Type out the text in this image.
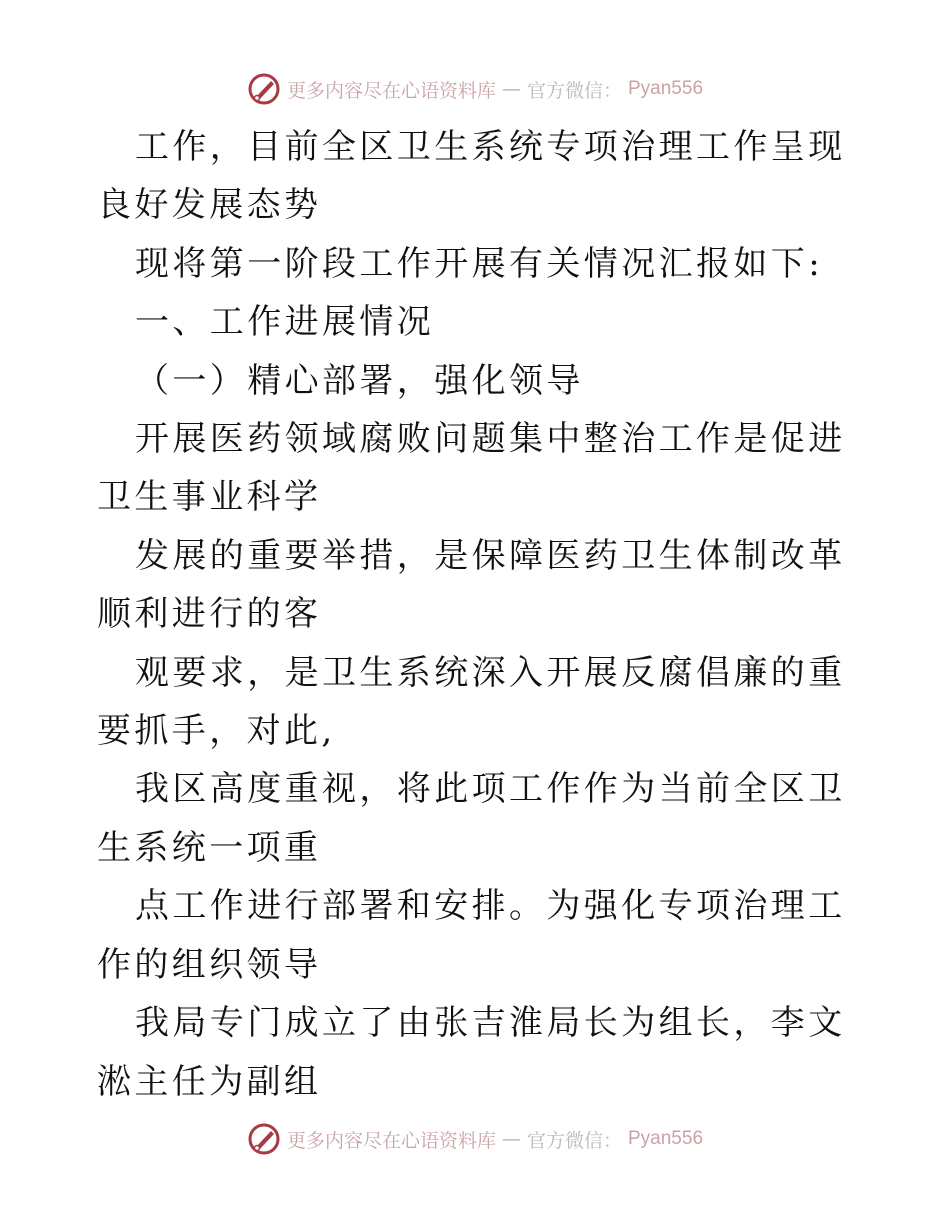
更多内容尽在心语资料库 — 官方微信： Pyan556

工作，目前全区卫生系统专项治理工作呈现良好发展态势

现将第一阶段工作开展有关情况汇报如下:

一、工作进展情况

（一）精心部署，强化领导

开展医药领域腐败问题集中整治工作是促进卫生事业科学

发展的重要举措，是保障医药卫生体制改革顺利进行的客

观要求，是卫生系统深入开展反腐倡廉的重要抓手，对此,

我区高度重视，将此项工作作为当前全区卫生系统一项重

点工作进行部署和安排。为强化专项治理工作的组织领导

我局专门成立了由张吉淮局长为组长，李文淞主任为副组

更多内容尽在心语资料库 — 官方微信： Pyan556
